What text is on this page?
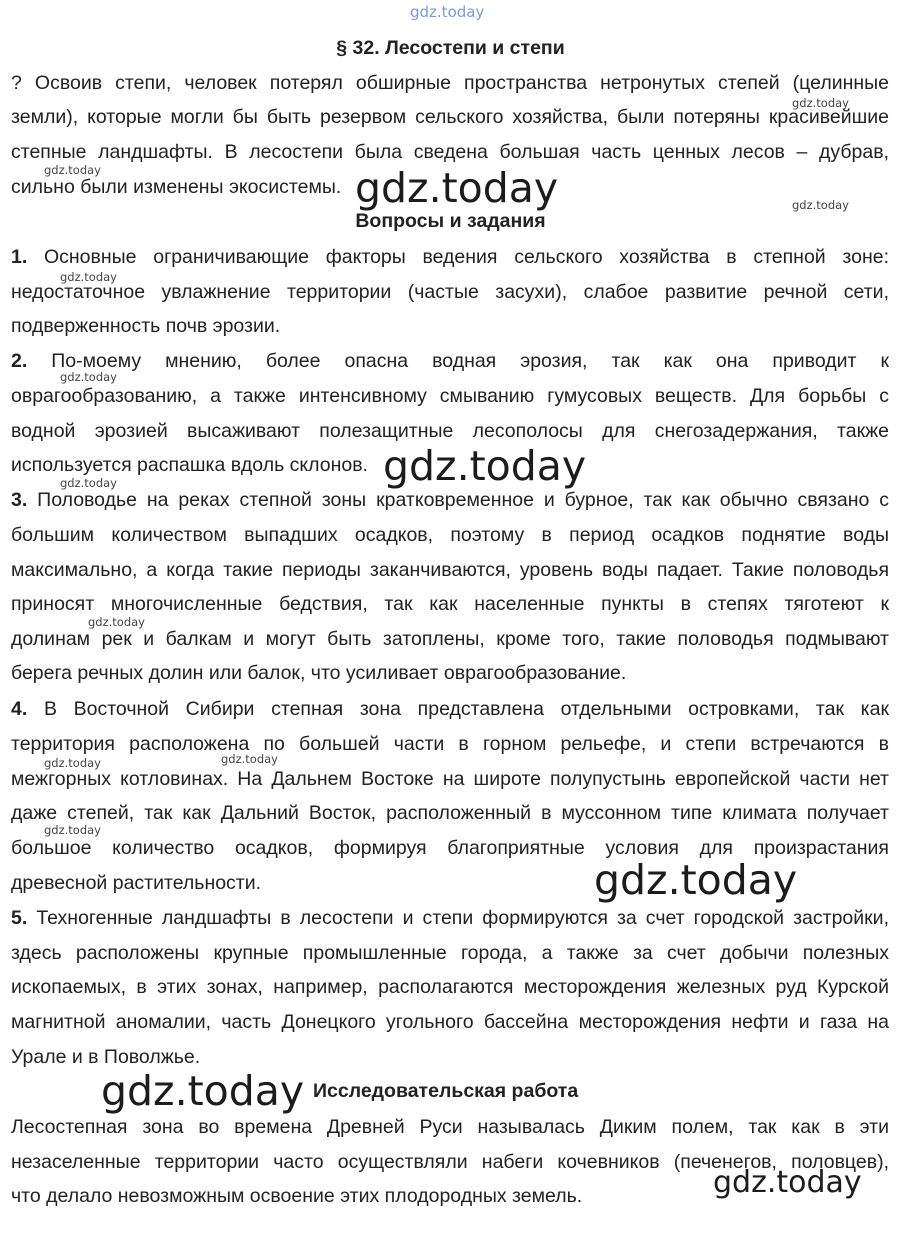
gdz.today
§ 32. Лесостепи и степи
? Освоив степи, человек потерял обширные пространства нетронутых степей (целинные
земли), которые могли бы быть резервом сельского хозяйства, были потеряны красивейшие
степные ландшафты. В лесостепи была сведена большая часть ценных лесов – дубрав,
сильно были изменены экосистемы.
Вопросы и задания
1. Основные ограничивающие факторы ведения сельского хозяйства в степной зоне:
недостаточное увлажнение территории (частые засухи), слабое развитие речной сети,
подверженность почв эрозии.
2. По-моему мнению, более опасна водная эрозия, так как она приводит к
оврагообразованию, а также интенсивному смыванию гумусовых веществ. Для борьбы с
водной эрозией высаживают полезащитные лесополосы для снегозадержания, также
используется распашка вдоль склонов.
3. Половодье на реках степной зоны кратковременное и бурное, так как обычно связано с
большим количеством выпадших осадков, поэтому в период осадков поднятие воды
максимально, а когда такие периоды заканчиваются, уровень воды падает. Такие половодья
приносят многочисленные бедствия, так как населенные пункты в степях тяготеют к
долинам рек и балкам и могут быть затоплены, кроме того, такие половодья подмывают
берега речных долин или балок, что усиливает оврагообразование.
4. В Восточной Сибири степная зона представлена отдельными островками, так как
территория расположена по большей части в горном рельефе, и степи встречаются в
межгорных котловинах. На Дальнем Востоке на широте полупустынь европейской части нет
даже степей, так как Дальний Восток, расположенный в муссонном типе климата получает
большое количество осадков, формируя благоприятные условия для произрастания
древесной растительности.
5. Техногенные ландшафты в лесостепи и степи формируются за счет городской застройки,
здесь расположены крупные промышленные города, а также за счет добычи полезных
ископаемых, в этих зонах, например, располагаются месторождения железных руд Курской
магнитной аномалии, часть Донецкого угольного бассейна месторождения нефти и газа на
Урале и в Поволжье.
Исследовательская работа
Лесостепная зона во времена Древней Руси называлась Диким полем, так как в эти
незаселенные территории часто осуществляли набеги кочевников (печенегов, половцев),
что делало невозможным освоение этих плодородных земель.
gdz.today
gdz.today
gdz.today
gdz.today
gdz.today
gdz.today
gdz.today
gdz.today
gdz.today
gdz.today
gdz.today
gdz.today
gdz.today
gdz.today
gdz.today
